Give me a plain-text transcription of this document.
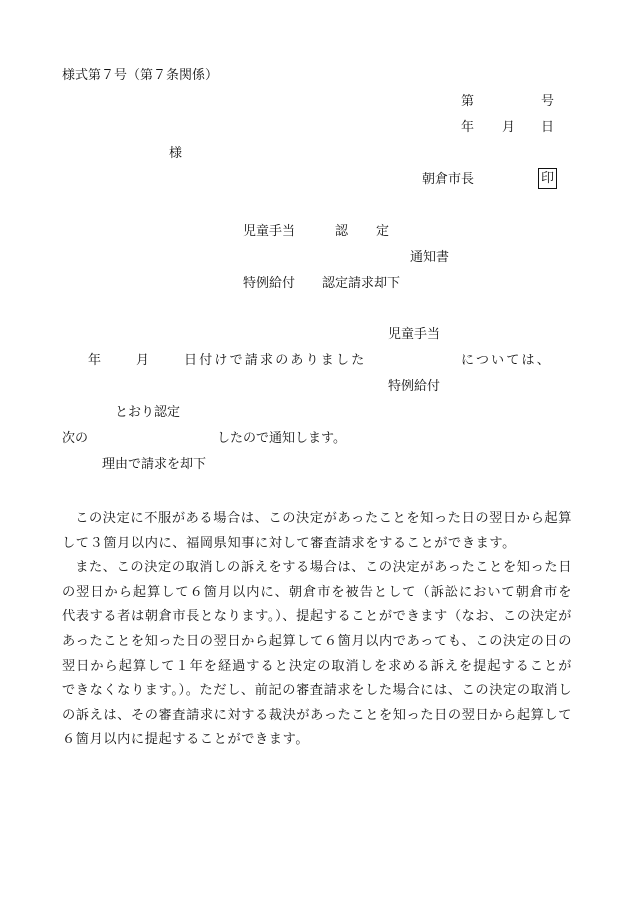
様式第７号（第７条関係）
第	号
年 月 日
様
朝倉市長	印
児童手当	認 定
通知書
特例給付 認定請求却下
児童手当
年	月	日付けで請求のありました	については、
特例給付
とおり認定
次の	したので通知します。
理由で請求を却下

この決定に不服がある場合は、この決定があったことを知った日の翌日から起算して３箇月以内に、福岡県知事に対して審査請求をすることができます。

また、この決定の取消しの訴えをする場合は、この決定があったことを知った日の翌日から起算して６箇月以内に、朝倉市を被告として（訴訟において朝倉市を代表する者は朝倉市長となります。）、提起することができます（なお、この決定があったことを知った日の翌日から起算して６箇月以内であっても、この決定の日の翌日から起算して１年を経過すると決定の取消しを求める訴えを提起することができなくなります。）。ただし、前記の審査請求をした場合には、この決定の取消しの訴えは、その審査請求に対する裁決があったことを知った日の翌日から起算して６箇月以内に提起することができます。
